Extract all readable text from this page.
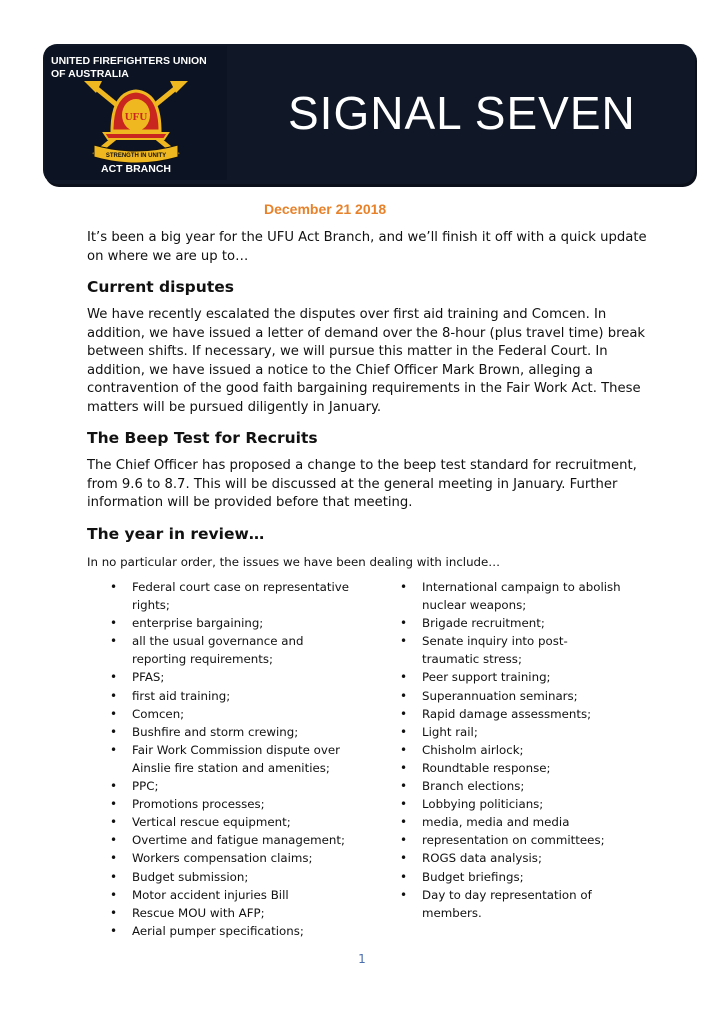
UNITED FIREFIGHTERS UNION
OF AUSTRALIA
UFU
STRENGTH IN UNITY
ACT BRANCH
SIGNAL SEVEN
December 21 2018

It’s been a big year for the UFU Act Branch, and we’ll finish it off with a quick update on where we are up to…

Current disputes

We have recently escalated the disputes over first aid training and Comcen. In addition, we have issued a letter of demand over the 8-hour (plus travel time) break between shifts. If necessary, we will pursue this matter in the Federal Court. In addition, we have issued a notice to the Chief Officer Mark Brown, alleging a contravention of the good faith bargaining requirements in the Fair Work Act. These matters will be pursued diligently in January.

The Beep Test for Recruits

The Chief Officer has proposed a change to the beep test standard for recruitment, from 9.6 to 8.7. This will be discussed at the general meeting in January. Further information will be provided before that meeting.

The year in review…

In no particular order, the issues we have been dealing with include…

• Federal court case on representative rights;
• enterprise bargaining;
• all the usual governance and reporting requirements;
• PFAS;
• first aid training;
• Comcen;
• Bushfire and storm crewing;
• Fair Work Commission dispute over Ainslie fire station and amenities;
• PPC;
• Promotions processes;
• Vertical rescue equipment;
• Overtime and fatigue management;
• Workers compensation claims;
• Budget submission;
• Motor accident injuries Bill
• Rescue MOU with AFP;
• Aerial pumper specifications;
• International campaign to abolish nuclear weapons;
• Brigade recruitment;
• Senate inquiry into post-traumatic stress;
• Peer support training;
• Superannuation seminars;
• Rapid damage assessments;
• Light rail;
• Chisholm airlock;
• Roundtable response;
• Branch elections;
• Lobbying politicians;
• media, media and media
• representation on committees;
• ROGS data analysis;
• Budget briefings;
• Day to day representation of members.
1
